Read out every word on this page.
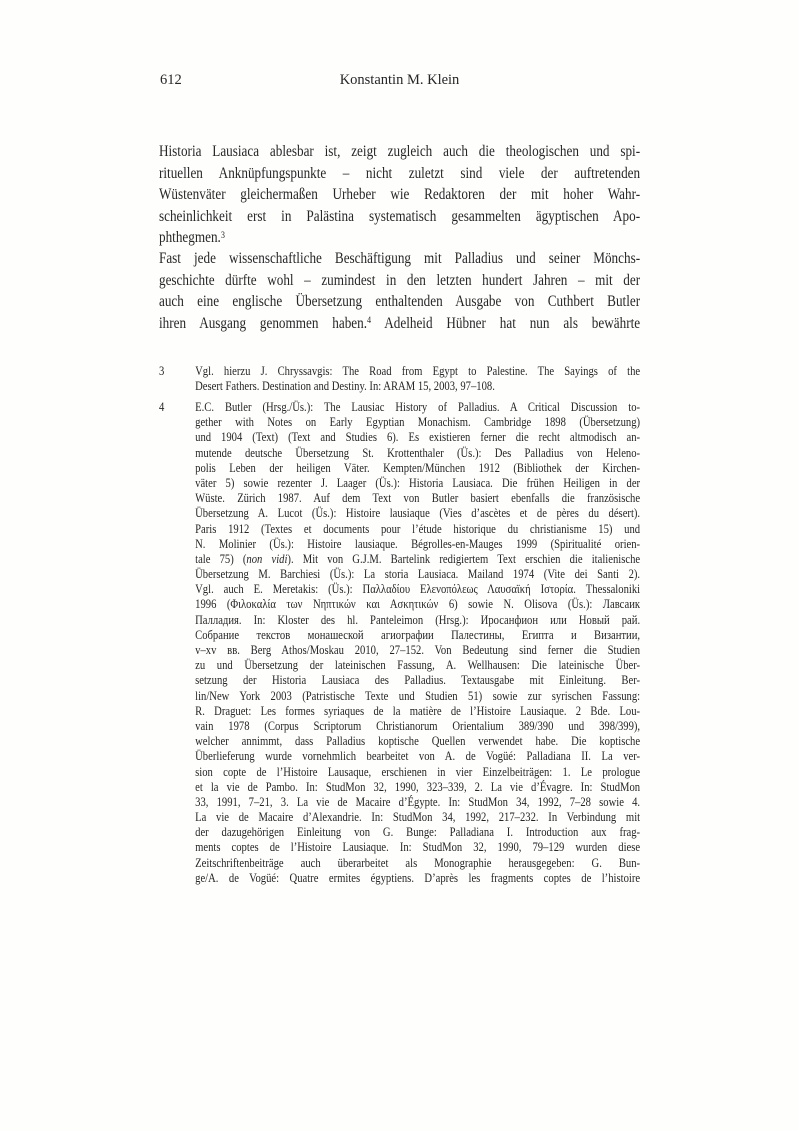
612	Konstantin M. Klein
Historia Lausiaca ablesbar ist, zeigt zugleich auch die theologischen und spi-
rituellen Anknüpfungspunkte – nicht zuletzt sind viele der auftretenden
Wüstenväter gleichermaßen Urheber wie Redaktoren der mit hoher Wahr-
scheinlichkeit erst in Palästina systematisch gesammelten ägyptischen Apo-
phthegmen.$^3$
Fast jede wissenschaftliche Beschäftigung mit Palladius und seiner Mönchs-
geschichte dürfte wohl – zumindest in den letzten hundert Jahren – mit der
auch eine englische Übersetzung enthaltenden Ausgabe von Cuthbert Butler
ihren Ausgang genommen haben.$^4$ Adelheid Hübner hat nun als bewährte
3	Vgl. hierzu J. Chryssavgis: The Road from Egypt to Palestine. The Sayings of the
Desert Fathers. Destination and Destiny. In: ARAM 15, 2003, 97–108.
4	E.C. Butler (Hrsg./Üs.): The Lausiac History of Palladius. A Critical Discussion to-
gether with Notes on Early Egyptian Monachism. Cambridge 1898 (Übersetzung)
und 1904 (Text) (Text and Studies 6). Es existieren ferner die recht altmodisch an-
mutende deutsche Übersetzung St. Krottenthaler (Üs.): Des Palladius von Heleno-
polis Leben der heiligen Väter. Kempten/München 1912 (Bibliothek der Kirchen-
väter 5) sowie rezenter J. Laager (Üs.): Historia Lausiaca. Die frühen Heiligen in der
Wüste. Zürich 1987. Auf dem Text von Butler basiert ebenfalls die französische
Übersetzung A. Lucot (Üs.): Histoire lausiaque (Vies d’ascètes et de pères du désert).
Paris 1912 (Textes et documents pour l’étude historique du christianisme 15) und
N. Molinier (Üs.): Histoire lausiaque. Bégrolles-en-Mauges 1999 (Spiritualité orien-
tale 75) (non vidi). Mit von G.J.M. Bartelink redigiertem Text erschien die italienische
Übersetzung M. Barchiesi (Üs.): La storia Lausiaca. Mailand 1974 (Vite dei Santi 2).
Vgl. auch E. Meretakis: (Üs.): Παλλαδίου Ελενοπόλεως Λαυσαϊκή Ιστορία. Thessaloniki
1996 (Φιλοκαλία των Νηπτικών και Ασκητικών 6) sowie N. Olisova (Üs.): Лавсаик
Палладия. In: Kloster des hl. Panteleimon (Hrsg.): Иросанфион или Новый рай.
Собрание текстов монашеской агиографии Палестины, Египта и Византии,
v–xv вв. Berg Athos/Moskau 2010, 27–152. Von Bedeutung sind ferner die Studien
zu und Übersetzung der lateinischen Fassung, A. Wellhausen: Die lateinische Über-
setzung der Historia Lausiaca des Palladius. Textausgabe mit Einleitung. Ber-
lin/New York 2003 (Patristische Texte und Studien 51) sowie zur syrischen Fassung:
R. Draguet: Les formes syriaques de la matière de l’Histoire Lausiaque. 2 Bde. Lou-
vain 1978 (Corpus Scriptorum Christianorum Orientalium 389/390 und 398/399),
welcher annimmt, dass Palladius koptische Quellen verwendet habe. Die koptische
Überlieferung wurde vornehmlich bearbeitet von A. de Vogüé: Palladiana II. La ver-
sion copte de l’Histoire Lausaque, erschienen in vier Einzelbeiträgen: 1. Le prologue
et la vie de Pambo. In: StudMon 32, 1990, 323–339, 2. La vie d’Évagre. In: StudMon
33, 1991, 7–21, 3. La vie de Macaire d’Égypte. In: StudMon 34, 1992, 7–28 sowie 4.
La vie de Macaire d’Alexandrie. In: StudMon 34, 1992, 217–232. In Verbindung mit
der dazugehörigen Einleitung von G. Bunge: Palladiana I. Introduction aux frag-
ments coptes de l’Histoire Lausiaque. In: StudMon 32, 1990, 79–129 wurden diese
Zeitschriftenbeiträge auch überarbeitet als Monographie herausgegeben: G. Bun-
ge/A. de Vogüé: Quatre ermites égyptiens. D’après les fragments coptes de l’histoire
